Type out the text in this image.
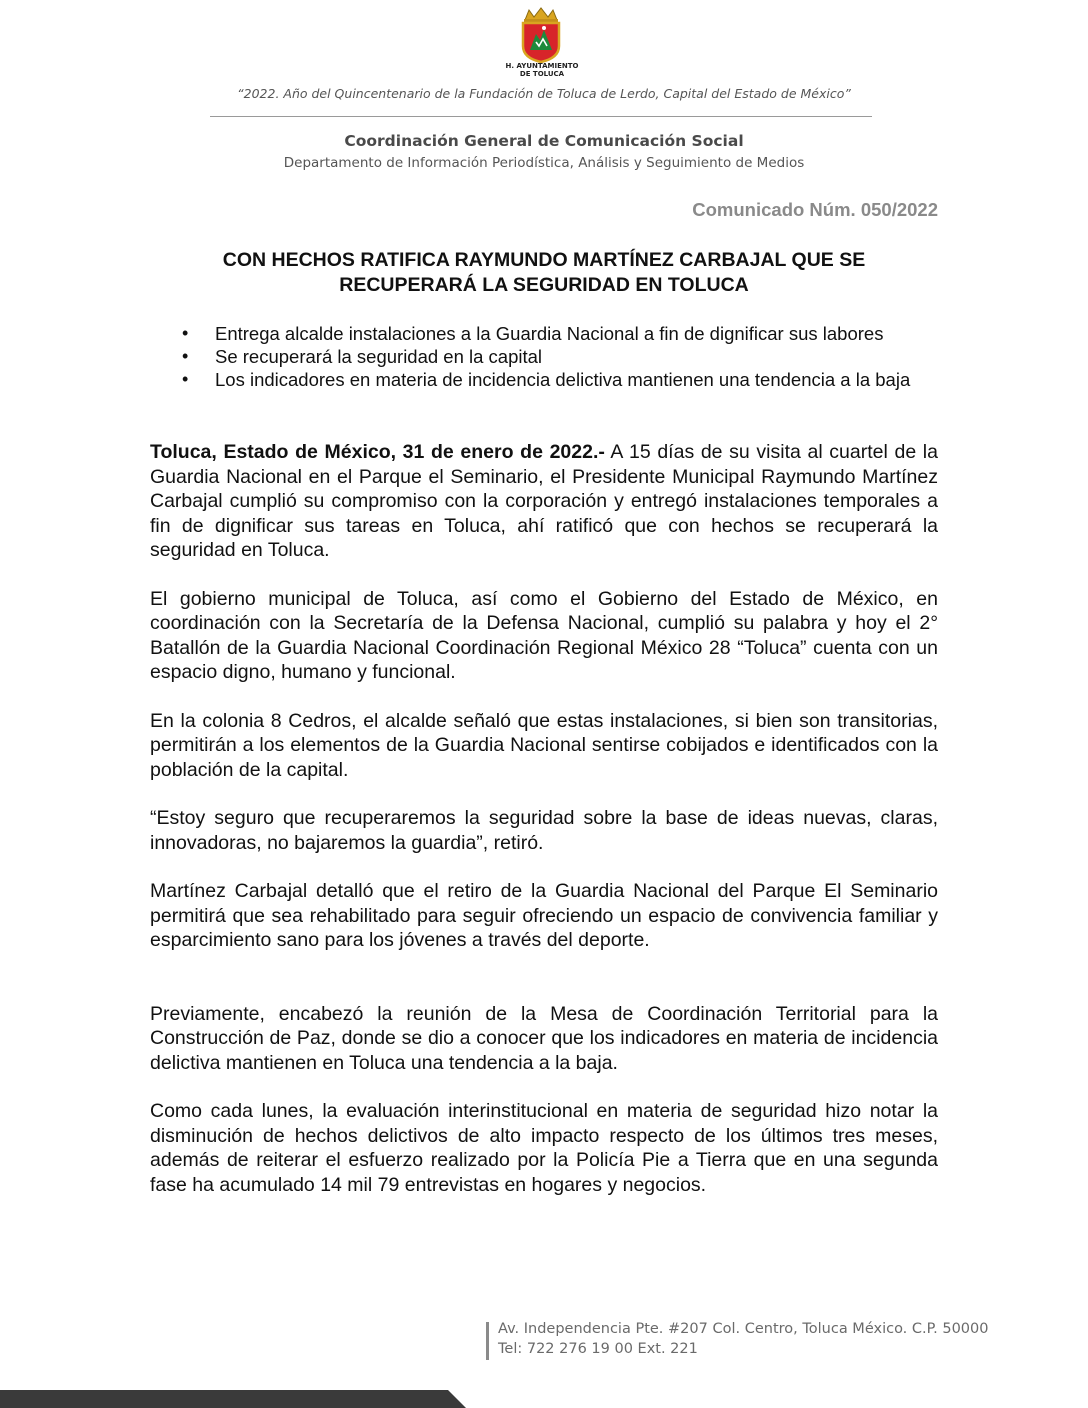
H. AYUNTAMIENTO
DE TOLUCA
“2022. Año del Quincentenario de la Fundación de Toluca de Lerdo, Capital del Estado de México”
Coordinación General de Comunicación Social
Departamento de Información Periodística, Análisis y Seguimiento de Medios
Comunicado Núm. 050/2022
CON HECHOS RATIFICA RAYMUNDO MARTÍNEZ CARBAJAL QUE SE
RECUPERARÁ LA SEGURIDAD EN TOLUCA
• Entrega alcalde instalaciones a la Guardia Nacional a fin de dignificar sus labores
• Se recuperará la seguridad en la capital
• Los indicadores en materia de incidencia delictiva mantienen una tendencia a la baja

Toluca, Estado de México, 31 de enero de 2022.- A 15 días de su visita al cuartel de la Guardia Nacional en el Parque el Seminario, el Presidente Municipal Raymundo Martínez Carbajal cumplió su compromiso con la corporación y entregó instalaciones temporales a fin de dignificar sus tareas en Toluca, ahí ratificó que con hechos se recuperará la seguridad en Toluca.

El gobierno municipal de Toluca, así como el Gobierno del Estado de México, en coordinación con la Secretaría de la Defensa Nacional, cumplió su palabra y hoy el 2° Batallón de la Guardia Nacional Coordinación Regional México 28 “Toluca” cuenta con un espacio digno, humano y funcional.

En la colonia 8 Cedros, el alcalde señaló que estas instalaciones, si bien son transitorias, permitirán a los elementos de la Guardia Nacional sentirse cobijados e identificados con la población de la capital.

“Estoy seguro que recuperaremos la seguridad sobre la base de ideas nuevas, claras, innovadoras, no bajaremos la guardia”, retiró.

Martínez Carbajal detalló que el retiro de la Guardia Nacional del Parque El Seminario permitirá que sea rehabilitado para seguir ofreciendo un espacio de convivencia familiar y esparcimiento sano para los jóvenes a través del deporte.

Previamente, encabezó la reunión de la Mesa de Coordinación Territorial para la Construcción de Paz, donde se dio a conocer que los indicadores en materia de incidencia delictiva mantienen en Toluca una tendencia a la baja.

Como cada lunes, la evaluación interinstitucional en materia de seguridad hizo notar la disminución de hechos delictivos de alto impacto respecto de los últimos tres meses, además de reiterar el esfuerzo realizado por la Policía Pie a Tierra que en una segunda fase ha acumulado 14 mil 79 entrevistas en hogares y negocios.

Av. Independencia Pte. #207 Col. Centro, Toluca México. C.P. 50000
Tel: 722 276 19 00 Ext. 221
